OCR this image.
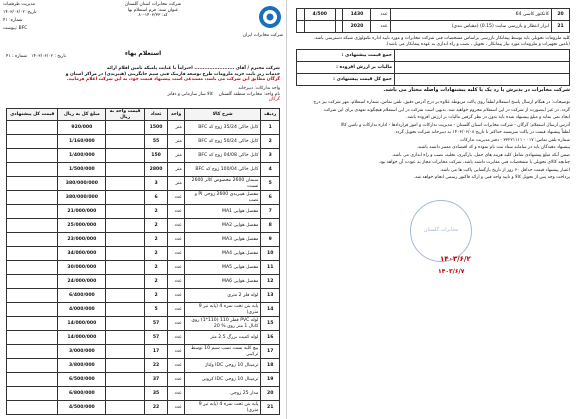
مدیریت طرفعیات
تاریخ: ۱۴۰۳/۰۶/۰۲
شماره: ۴۱
پیوست: BFC
شرکت مخابرات استان گلستان
عنوان سند: فرم استعلام بها
کد: ۱۴۰۳/۳۳-۸۰
شرکت مخابرات ایران
استعلام بهاء
تاریخ : ۱۴۰۳/۰۶/۰۲   شماره : ۴۱
شرکت محترم / آقای ........................ احتراماً با عنایت بامیکه تامین اقلام ارائه
خدمات زیر بابت خرید ملزومات طرح توسعه فازینک فنی سیم جایگزینی (هیبریدی) در مراکز استان و
گرگان مطابق این شرکت می باشد، مستدعی است پیشنهاد قیمت خود، به این شرکت اعلام فرمایید.
واحد تدارکات: دبیرخانه
نام واحد: مخابرات منطقه گلستان    کالا ساز سازمانی و دفاتر
گرگان
ردیف	شرح کالا	واحد	تعداد	قیمت واحد به ریال	مبلغ کل به ریال	قیمت کل پیشنهادی
1	کابل خاکی 35/24 زوج کد BFC	متر	1500		920/000	
2	کابل خاکی 50/24 زوج کد BFC	متر	55		1/160/000	
3	کابل خاکی 04/08 زوج کد BFC	متر	150		1/400/000	
4	کابل خاکی 100/04 زوج کد BFC	متر	2800		1/500/000	
5	سیمان 2600 مخصوص کالر 2600 نسبت	متر	3		380/000/000	
6	مفصل هیبریدی 2600 زوجی PI و نصب	عدد	6		380/000/000	
7	مفصل هوایی MA1	عدد	2		21/000/000	
8	مفصل هوایی MA2	عدد	2		25/000/000	
9	مفصل هوایی MA3	عدد	2		23/000/000	
10	مفصل هوایی MA4	عدد	2		34/000/000	
11	مفصل هوایی MA5	عدد	2		30/000/000	
12	مفصل هوایی MA6	عدد	2		24/000/000	
13	لوله فلز 2 متری	عدد	2		6/400/000	
14	پایه بتن تخت نمره 4 (پایه تیر 9 متری)	عدد	5		4/000/000	
15	لوله PVC قطر 110 (110*1) روی کانال 1 متر روی % 20	عدد	57		14/000/000	
16	لوله کمیت بزرگ 2.5 متر	عدد	57		14/000/000	
17	پیچ کلید بست نصب سیم 10 توسط ترکیبی	عدد	17		3/000/000	
18	ترمینال 10 زوجی IDC ولتاژ	عدد	22		3/800/000	
19	ترمینال 10 زوجی IDC کرونی	عدد	37		6/500/000	
20	مدار 25 زوجی	عدد	35		6/800/000	
21	پایه بتن تخت نمره 4 (پایه تیر 9 متری)	عدد	22		4/500/000	
20	کانکتور کاسی 64	عدد	1430		4/500	
21	ابزار انتظار و بازرسی سایت (0.15) (مقیاس بندی)	عدد	2020			
کلیه ملزومات تحویلی باید توسط پیمانکار بازرسی براساس مشخصات فنی شرکت مخابرات و مورد تایید اداره تکنولوژی شبکه دسترسی باشد.
(تامین تجهیزات و ملزومات مورد نیاز پیمانکار ، تحویل ، نصب و راه اندازی به عهده پیمانکار می باشد).
	جمع قیمت پیشنهادی :
	مالیات بر ارزش افزوده :
	جمع کل قیمت پیشنهادی :
شرکت مخابرات در پذیرش یا رد یک یا کلیه پیشنهادات واصله مختار می باشد.
توضیحات: در هنگام ارسال پاسخ استعلام لطفاً روی پاکت مربوطه علاوه بر درج آدرس دقیق، تلفن تماس، شماره استعلام، مهر شرکت نیز درج
گردد. در غیر اینصورت از شرکت در این استعلام محروم خواهید شد. بدیهی است شرکت در این استعلام هیچگونه تعهدی برای این شرکت
ایجاد نمی نماید و مبلغ پیشنهاد شده باید بدون در نظر گرفتن مالیات بر ارزش افزوده باشد.
آدرس ارسال استعلام: گرگان - شرکت مخابرات استان گلستان - مدیریت تدارکات و امور قراردادها - اداره تدارکات و تامین کالا
لطفاً پیشنهاد قیمت در پاکت سربسته حداکثر تا تاریخ ۱۴۰۳/۰۶/۰۸ به دبیرخانه شرکت تحویل گردد.
شماره تلفن تماس: ۰۱۷ - ۳۳۲۲۱۱۱۱ - دفتر مدیریت تدارکات
پیشنهاد دهندگان باید در سامانه ستاد ثبت نام نموده و کد اقتصادی معتبر داشته باشند.
ضمن آنکه مبلغ پیشنهادی شامل کلیه هزینه های حمل، بارگیری، تخلیه، نصب و راه اندازی می باشد.
چنانچه کالای تحویلی با مشخصات فنی مغایرت داشته باشد، شرکت مخابرات مجاز به عودت آن خواهد بود.
اعتبار پیشنهاد قیمت حداقل ۶۰ روز از تاریخ بازگشایی پاکت ها می باشد.
پرداخت وجه پس از تحویل کالا و تایید واحد فنی و ارائه فاکتور رسمی انجام خواهد شد.
مخابرات گلستان
۱۴۰۳/۶/۲
۱۴۰۳/۶/۷
